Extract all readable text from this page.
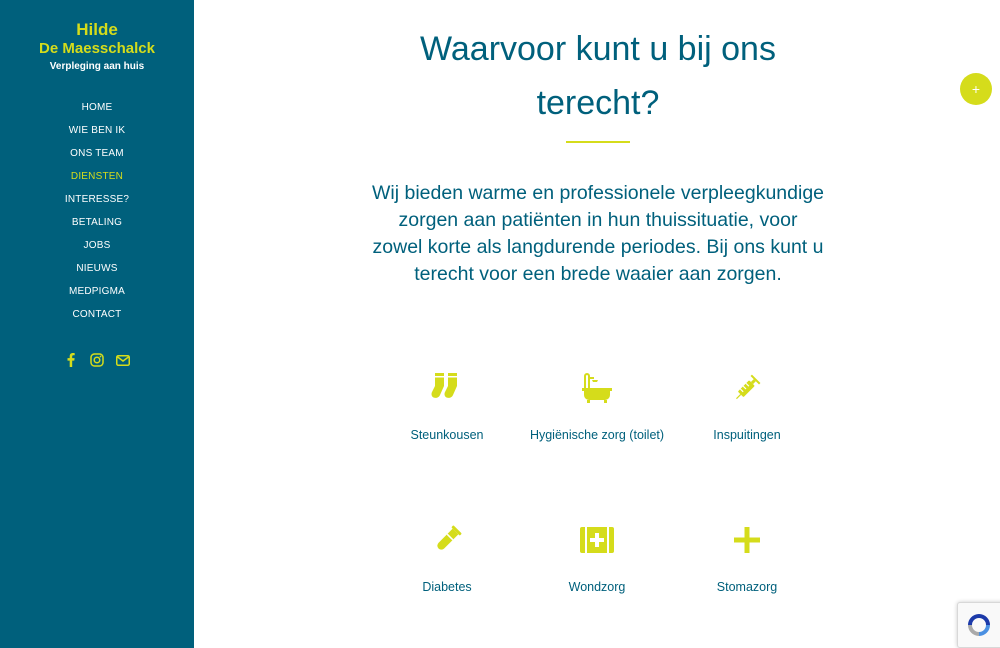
Hilde
De Maesschalck
Verpleging aan huis
HOME
WIE BEN IK
ONS TEAM
DIENSTEN
INTERESSE?
BETALING
JOBS
NIEUWS
MEDPIGMA
CONTACT
Waarvoor kunt u bij ons terecht?

Wij bieden warme en professionele verpleegkundige zorgen aan patiënten in hun thuissituatie, voor zowel korte als langdurende periodes. Bij ons kunt u terecht voor een brede waaier aan zorgen.

Steunkousen	Hygiënische zorg (toilet)	Inspuitingen
Diabetes	Wondzorg	Stomazorg
+
